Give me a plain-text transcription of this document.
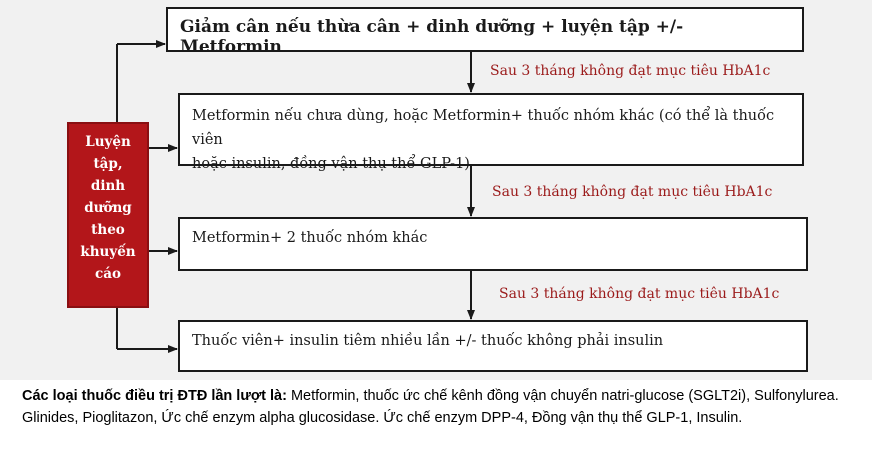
Giảm cân nếu thừa cân + dinh dưỡng + luyện tập +/- Metformin
Sau 3 tháng không đạt mục tiêu HbA1c
Metformin nếu chưa dùng, hoặc Metformin+ thuốc nhóm khác (có thể là thuốc viên
hoặc insulin, đồng vận thụ thể GLP-1)
Sau 3 tháng không đạt mục tiêu HbA1c
Metformin+ 2 thuốc nhóm khác
Sau 3 tháng không đạt mục tiêu HbA1c
Thuốc viên+ insulin tiêm nhiều lần +/- thuốc không phải insulin
Luyện
tập,
dinh
dưỡng
theo
khuyến
cáo
Các loại thuốc điều trị ĐTĐ lần lượt là: Metformin, thuốc ức chế kênh đồng vận chuyển natri-glucose (SGLT2i), Sulfonylurea. Glinides, Pioglitazon, Ức chế enzym alpha glucosidase. Ức chế enzym DPP-4, Đồng vận thụ thể GLP-1, Insulin.
